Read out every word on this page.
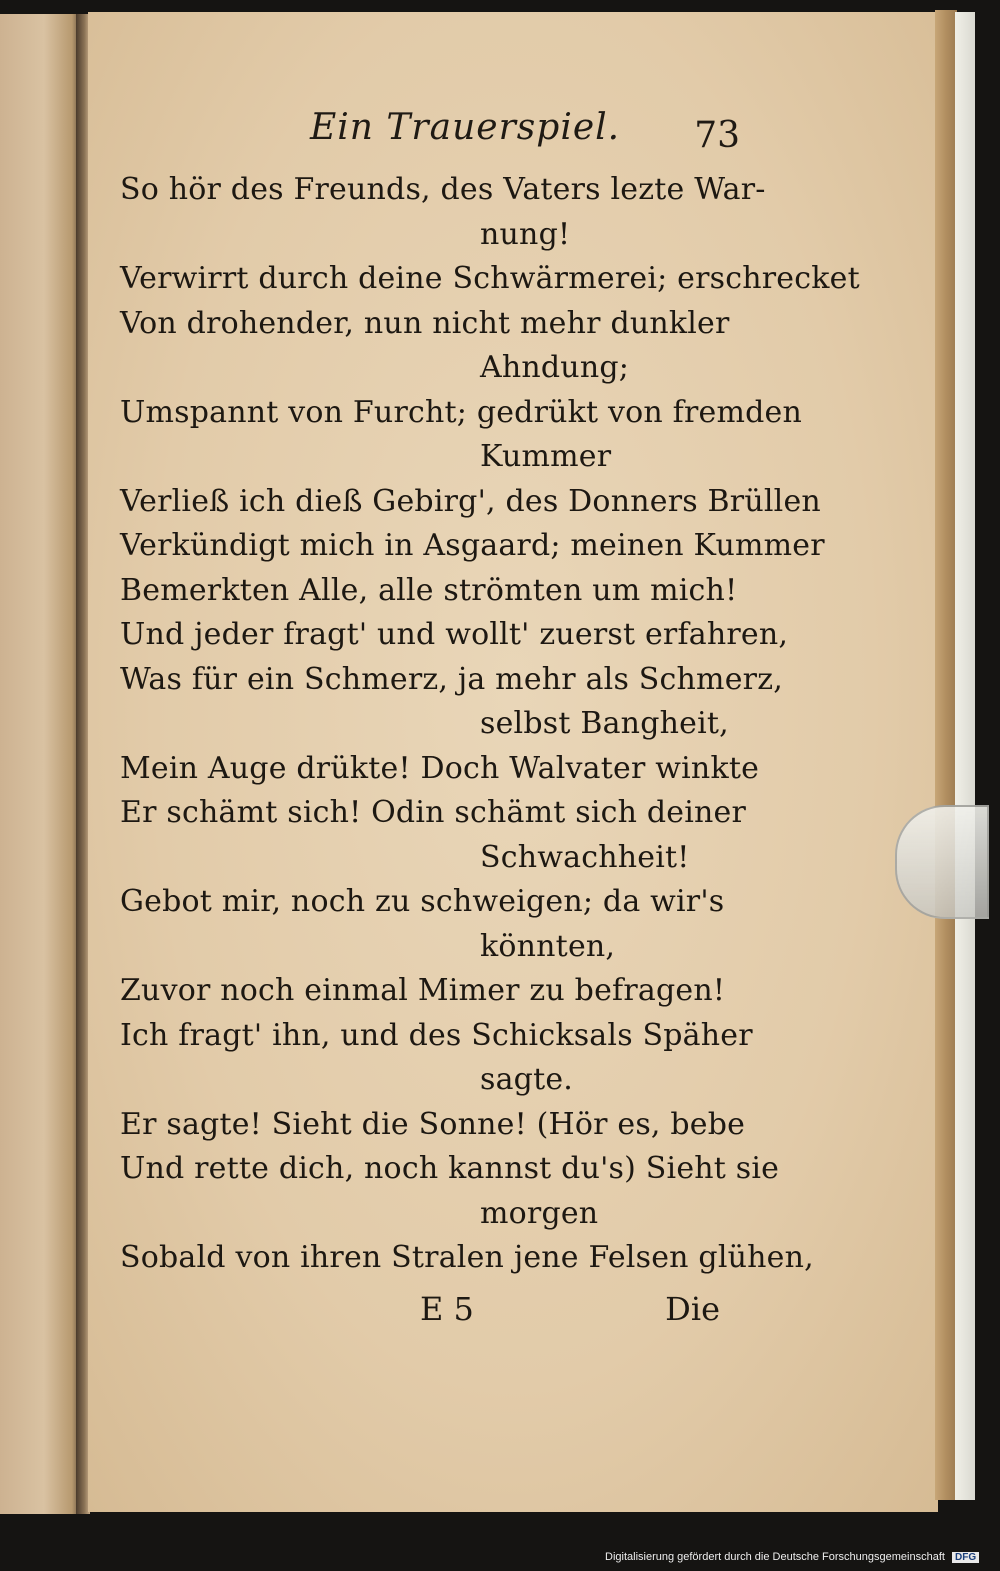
Ein Trauerspiel. 73
So hör des Freunds, des Vaters lezte War-
nung!
Verwirrt durch deine Schwärmerei; erschrecket
Von drohender, nun nicht mehr dunkler
Ahndung;
Umspannt von Furcht; gedrükt von fremden
Kummer
Verließ ich dieß Gebirg', des Donners Brüllen
Verkündigt mich in Asgaard; meinen Kummer
Bemerkten Alle, alle strömten um mich!
Und jeder fragt' und wollt' zuerst erfahren,
Was für ein Schmerz, ja mehr als Schmerz,
selbst Bangheit,
Mein Auge drükte! Doch Walvater winkte
Er schämt sich! Odin schämt sich deiner
Schwachheit!
Gebot mir, noch zu schweigen; da wir's
könnten,
Zuvor noch einmal Mimer zu befragen!
Ich fragt' ihn, und des Schicksals Späher
sagte.
Er sagte! Sieht die Sonne! (Hör es, bebe
Und rette dich, noch kannst du's) Sieht sie
morgen
Sobald von ihren Stralen jene Felsen glühen,
E 5	Die
Digitalisierung gefördert durch die Deutsche Forschungsgemeinschaft DFG
